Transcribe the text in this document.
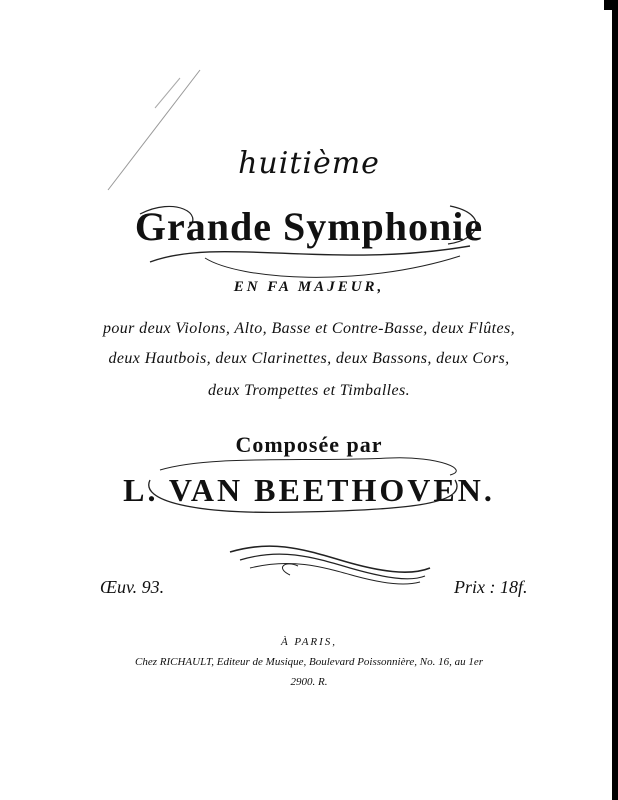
huitième
Grande Symphonie
EN FA MAJEUR,
pour deux Violons, Alto, Basse et Contre-Basse, deux Flûtes,
deux Hautbois, deux Clarinettes, deux Bassons, deux Cors,
deux Trompettes et Timballes.
Composée par
L. VAN BEETHOVEN.
Œuv. 93.	Prix : 18f.
À PARIS,
Chez RICHAULT, Editeur de Musique, Boulevard Poissonnière, No. 16, au 1er
2900. R.
